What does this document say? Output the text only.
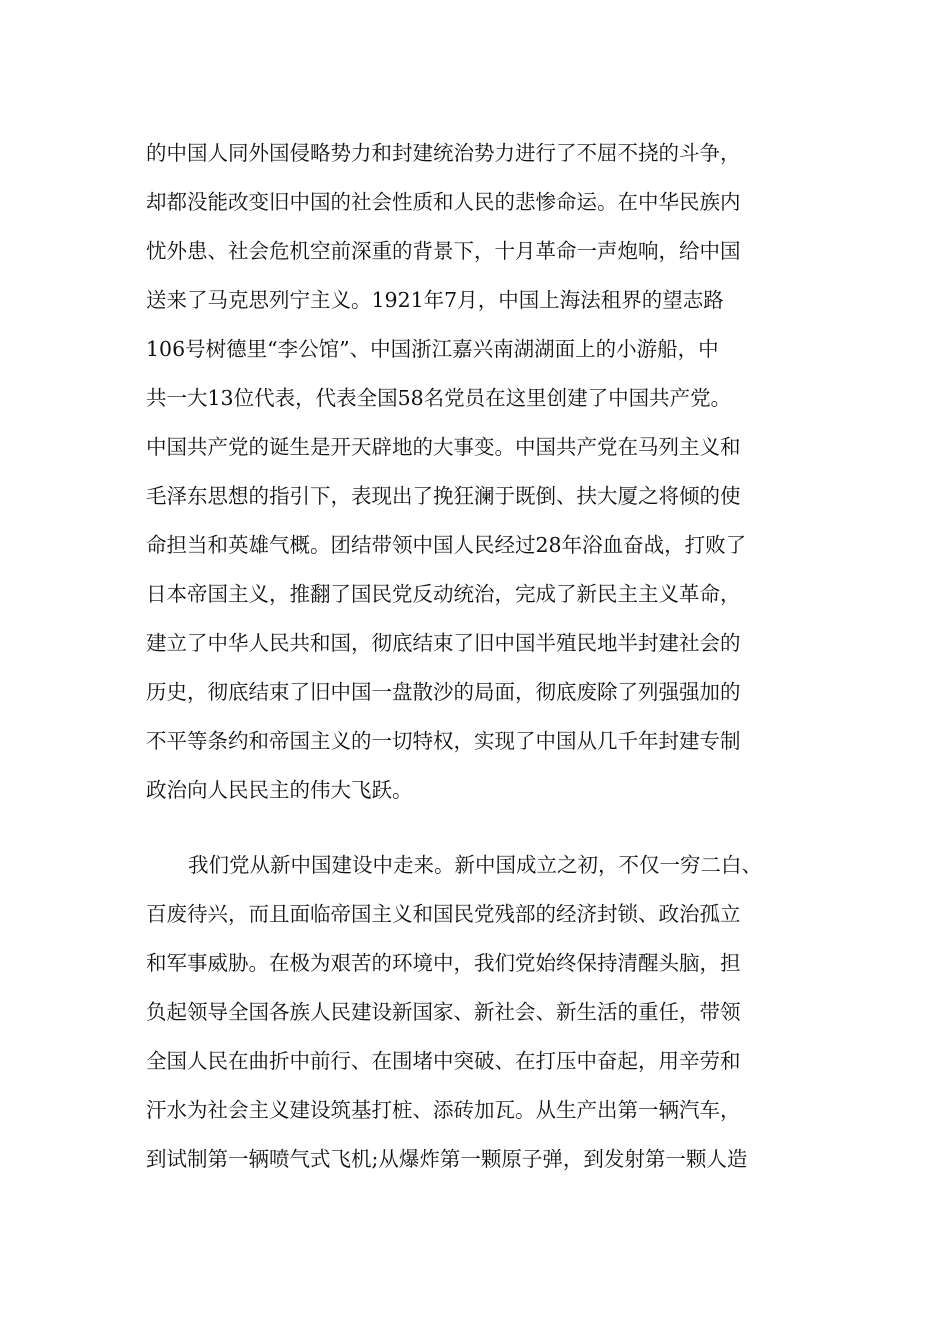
的中国人同外国侵略势力和封建统治势力进行了不屈不挠的斗争，
却都没能改变旧中国的社会性质和人民的悲惨命运。在中华民族内
忧外患、社会危机空前深重的背景下，十月革命一声炮响，给中国
送来了马克思列宁主义。1921年7月，中国上海法租界的望志路
106号树德里“李公馆”、中国浙江嘉兴南湖湖面上的小游船，中
共一大13位代表，代表全国58名党员在这里创建了中国共产党。
中国共产党的诞生是开天辟地的大事变。中国共产党在马列主义和
毛泽东思想的指引下，表现出了挽狂澜于既倒、扶大厦之将倾的使
命担当和英雄气概。团结带领中国人民经过28年浴血奋战，打败了
日本帝国主义，推翻了国民党反动统治，完成了新民主主义革命，
建立了中华人民共和国，彻底结束了旧中国半殖民地半封建社会的
历史，彻底结束了旧中国一盘散沙的局面，彻底废除了列强强加的
不平等条约和帝国主义的一切特权，实现了中国从几千年封建专制
政治向人民民主的伟大飞跃。
我们党从新中国建设中走来。新中国成立之初，不仅一穷二白、
百废待兴，而且面临帝国主义和国民党残部的经济封锁、政治孤立
和军事威胁。在极为艰苦的环境中，我们党始终保持清醒头脑，担
负起领导全国各族人民建设新国家、新社会、新生活的重任，带领
全国人民在曲折中前行、在围堵中突破、在打压中奋起，用辛劳和
汗水为社会主义建设筑基打桩、添砖加瓦。从生产出第一辆汽车，
到试制第一辆喷气式飞机;从爆炸第一颗原子弹，到发射第一颗人造
